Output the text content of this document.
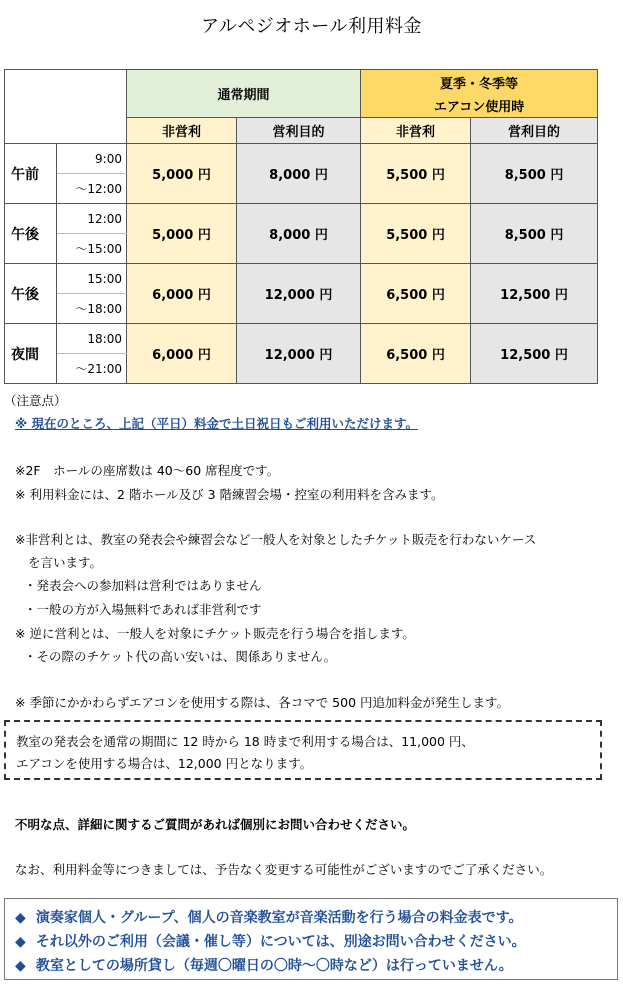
アルペジオホール利用料金
		通常期間		夏季・冬季等
エアコン使用時	

		非営利	営利目的	非営利	営利目的
午前	9:00	5,000 円	8,000 円	5,500 円	8,500 円
	～12:00				
午後	12:00	5,000 円	8,000 円	5,500 円	8,500 円
	～15:00				
午後	15:00	6,000 円	12,000 円	6,500 円	12,500 円
	～18:00				
夜間	18:00	6,000 円	12,000 円	6,500 円	12,500 円
	～21:00				
（注意点）
※ 現在のところ、上記（平日）料金で土日祝日もご利用いただけます。
※2F　ホールの座席数は 40～60 席程度です。
※ 利用料金には、2 階ホール及び 3 階練習会場・控室の利用料を含みます。
※非営利とは、教室の発表会や練習会など一般人を対象としたチケット販売を行わないケース
を言います。
・発表会への参加料は営利ではありません
・一般の方が入場無料であれば非営利です
※ 逆に営利とは、一般人を対象にチケット販売を行う場合を指します。
・その際のチケット代の高い安いは、関係ありません。
※ 季節にかかわらずエアコンを使用する際は、各コマで 500 円追加料金が発生します。
教室の発表会を通常の期間に 12 時から 18 時まで利用する場合は、11,000 円、
エアコンを使用する場合は、12,000 円となります。
不明な点、詳細に関するご質問があれば個別にお問い合わせください。
なお、利用料金等につきましては、予告なく変更する可能性がございますのでご了承ください。
◆ 演奏家個人・グループ、個人の音楽教室が音楽活動を行う場合の料金表です。
◆ それ以外のご利用（会議・催し等）については、別途お問い合わせください。
◆ 教室としての場所貸し（毎週〇曜日の〇時～〇時など）は行っていません。
